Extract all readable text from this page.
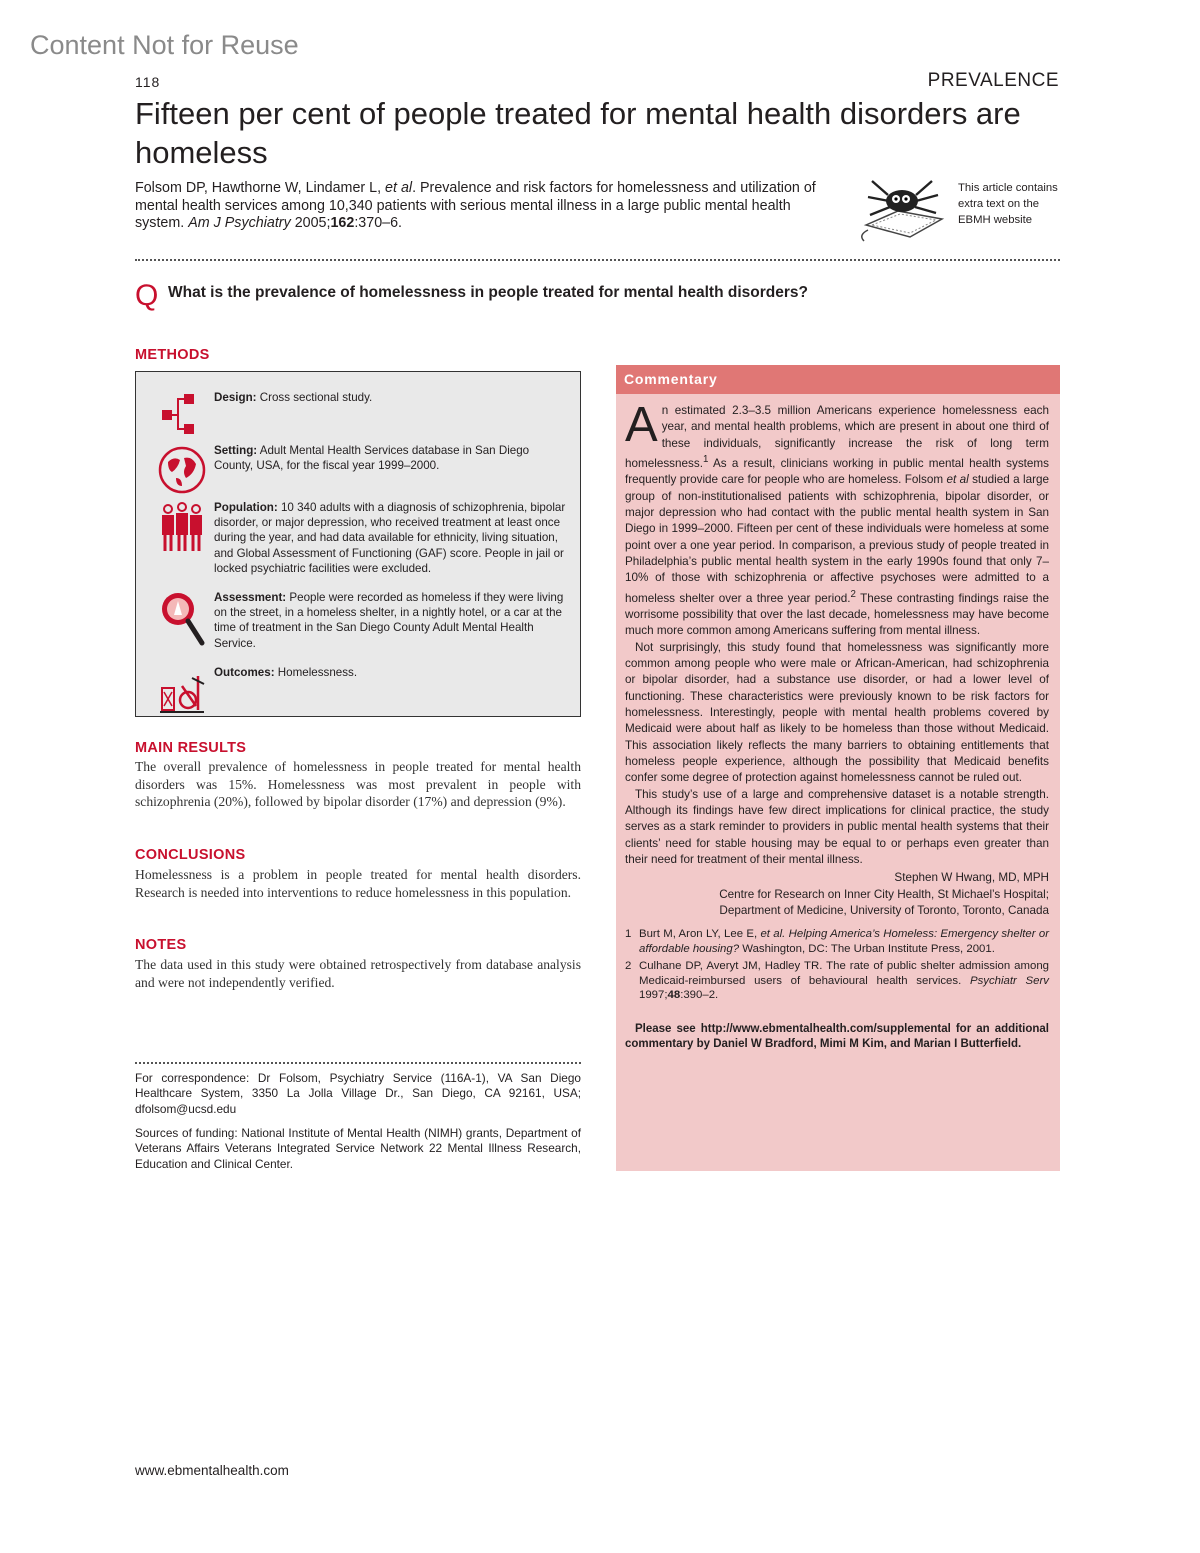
Content Not for Reuse
118	PREVALENCE
Fifteen per cent of people treated for mental health disorders are homeless
Folsom DP, Hawthorne W, Lindamer L, et al. Prevalence and risk factors for homelessness and utilization of mental health services among 10,340 patients with serious mental illness in a large public mental health system. Am J Psychiatry 2005;162:370–6.
This article contains extra text on the EBMH website
Q What is the prevalence of homelessness in people treated for mental health disorders?
METHODS
Design: Cross sectional study.
Setting: Adult Mental Health Services database in San Diego County, USA, for the fiscal year 1999–2000.
Population: 10 340 adults with a diagnosis of schizophrenia, bipolar disorder, or major depression, who received treatment at least once during the year, and had data available for ethnicity, living situation, and Global Assessment of Functioning (GAF) score. People in jail or locked psychiatric facilities were excluded.
Assessment: People were recorded as homeless if they were living on the street, in a homeless shelter, in a nightly hotel, or a car at the time of treatment in the San Diego County Adult Mental Health Service.
Outcomes: Homelessness.
MAIN RESULTS

The overall prevalence of homelessness in people treated for mental health disorders was 15%. Homelessness was most prevalent in people with schizophrenia (20%), followed by bipolar disorder (17%) and depression (9%).

CONCLUSIONS

Homelessness is a problem in people treated for mental health disorders. Research is needed into interventions to reduce homelessness in this population.

NOTES

The data used in this study were obtained retrospectively from database analysis and were not independently verified.

For correspondence: Dr Folsom, Psychiatry Service (116A-1), VA San Diego Healthcare System, 3350 La Jolla Village Dr., San Diego, CA 92161, USA; dfolsom@ucsd.edu

Sources of funding: National Institute of Mental Health (NIMH) grants, Department of Veterans Affairs Veterans Integrated Service Network 22 Mental Illness Research, Education and Clinical Center.

Commentary

An estimated 2.3–3.5 million Americans experience homelessness each year, and mental health problems, which are present in about one third of these individuals, significantly increase the risk of long term homelessness.$^1$ As a result, clinicians working in public mental health systems frequently provide care for people who are homeless. Folsom et al studied a large group of non-institutionalised patients with schizophrenia, bipolar disorder, or major depression who had contact with the public mental health system in San Diego in 1999–2000. Fifteen per cent of these individuals were homeless at some point over a one year period. In comparison, a previous study of people treated in Philadelphia’s public mental health system in the early 1990s found that only 7–10% of those with schizophrenia or affective psychoses were admitted to a homeless shelter over a three year period.$^2$ These contrasting findings raise the worrisome possibility that over the last decade, homelessness may have become much more common among Americans suffering from mental illness.

Not surprisingly, this study found that homelessness was significantly more common among people who were male or African-American, had schizophrenia or bipolar disorder, had a substance use disorder, or had a lower level of functioning. These characteristics were previously known to be risk factors for homelessness. Interestingly, people with mental health problems covered by Medicaid were about half as likely to be homeless than those without Medicaid. This association likely reflects the many barriers to obtaining entitlements that homeless people experience, although the possibility that Medicaid benefits confer some degree of protection against homelessness cannot be ruled out.

This study’s use of a large and comprehensive dataset is a notable strength. Although its findings have few direct implications for clinical practice, the study serves as a stark reminder to providers in public mental health systems that their clients’ need for stable housing may be equal to or perhaps even greater than their need for treatment of their mental illness.

Stephen W Hwang, MD, MPH
Centre for Research on Inner City Health, St Michael’s Hospital;
Department of Medicine, University of Toronto, Toronto, Canada
1 Burt M, Aron LY, Lee E, et al. Helping America’s Homeless: Emergency shelter or affordable housing? Washington, DC: The Urban Institute Press, 2001.
2 Culhane DP, Averyt JM, Hadley TR. The rate of public shelter admission among Medicaid-reimbursed users of behavioural health services. Psychiatr Serv 1997;48:390–2.

Please see http://www.ebmentalhealth.com/supplemental for an additional commentary by Daniel W Bradford, Mimi M Kim, and Marian I Butterfield.

www.ebmentalhealth.com
